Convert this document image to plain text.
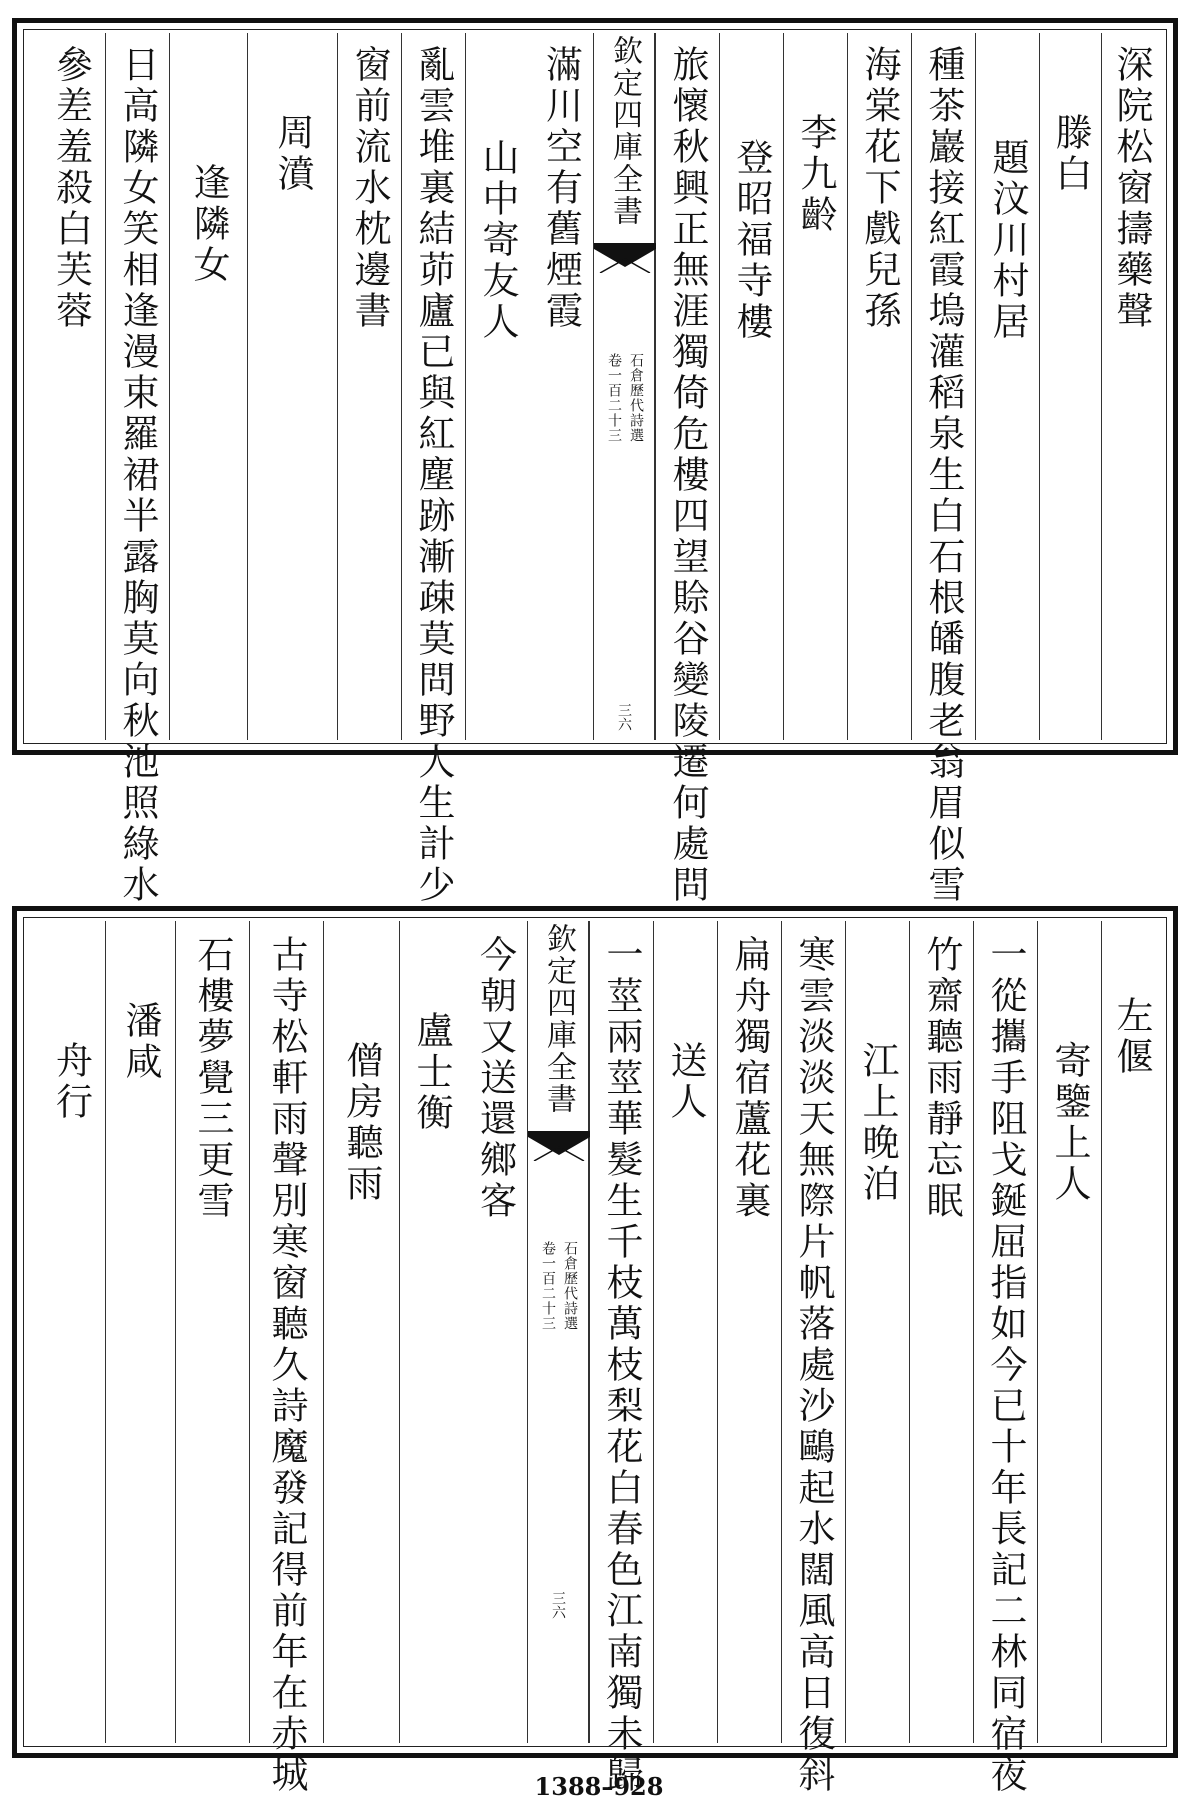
深院松窗擣藥聲
滕白
題汶川村居
種茶巖接紅霞塢灌稻泉生白石根皤腹老翁眉似雪
海棠花下戲兒孫
李九齡
登昭福寺樓
旅懷秋興正無涯獨倚危樓四望賒谷變陵遷何處問
欽定四庫全書
石倉歷代詩選
卷一百二十三
三六
滿川空有舊煙霞
山中寄友人
亂雲堆裏結茆廬已與紅塵跡漸疎莫問野人生計少
窗前流水枕邊書
周濆
逢隣女
日高隣女笑相逢漫束羅裙半露胸莫向秋池照綠水
參差羞殺白芙蓉
左偃
寄鑒上人
一從攜手阻戈鋋屈指如今已十年長記二林同宿夜
竹齋聽雨靜忘眠
江上晚泊
寒雲淡淡天無際片帆落處沙鷗起水闊風高日復斜
扁舟獨宿蘆花裏
送人
一莖兩莖華髮生千枝萬枝梨花白春色江南獨未歸
欽定四庫全書
石倉歷代詩選
卷一百二十三
三六
今朝又送還鄉客
盧士衡
僧房聽雨
古寺松軒雨聲別寒窗聽久詩魔發記得前年在赤城
石樓夢覺三更雪
潘咸
舟行
1388–928
